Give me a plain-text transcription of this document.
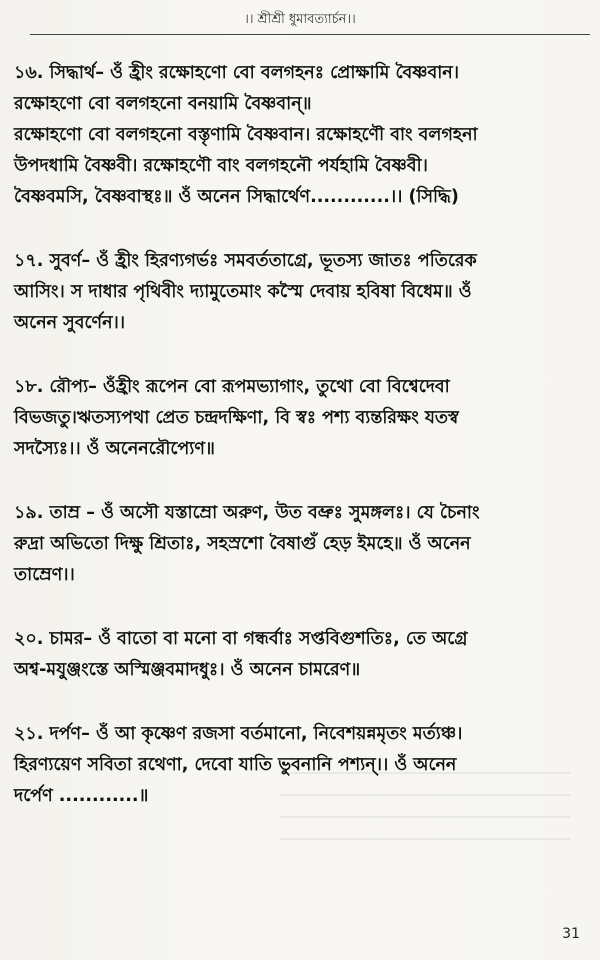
।। শ্রীশ্রী ধুমাবত্যার্চন।।
১৬. সিদ্ধার্থ– ওঁ হ্রীং রক্ষোহণো বো বলগহনঃ প্রোক্ষামি বৈষ্ণবান।
রক্ষোহণো বো বলগহনো বনয়ামি বৈষ্ণবান্॥
রক্ষোহণো বো বলগহনো বস্তৃণামি বৈষ্ণবান। রক্ষোহণৌ বাং বলগহনা
উপদধামি বৈষ্ণবী। রক্ষোহণৌ বাং বলগহনৌ পর্যহামি বৈষ্ণবী।
বৈষ্ণবমসি, বৈষ্ণবাস্থঃ॥ ওঁ অনেন সিদ্ধার্থেণ............।। (সিদ্ধি)
১৭. সুবর্ণ– ওঁ হ্রীং হিরণ্যগর্ভঃ সমবর্ততাগ্রে, ভূতস্য জাতঃ পতিরেক
আসিং। স দাধার পৃথিবীং দ্যামুতেমাং কস্মৈ দেবায় হবিষা বিধেম॥ ওঁ
অনেন সুবর্ণেন।।
১৮. রৌপ্য– ওঁহ্রীং রূপেন বো রূপমভ্যাগাং, তুথো বো বিশ্বেদেবা
বিভজতু।ঋতস্যপথা প্রেত চন্দ্রদক্ষিণা, বি স্বঃ পশ্য ব্যন্তরিক্ষং যতস্ব
সদস্যৈঃ।। ওঁ অনেনরৌপ্যেণ॥
১৯. তাম্র – ওঁ অসৌ যস্তাম্রো অরুণ, উত বভ্রুঃ সুমঙ্গলঃ। যে চৈনাং
রুদ্রা অভিতো দিক্ষু শ্রিতাঃ, সহস্রশো বৈষাগুঁ হেড় ইমহে॥ ওঁ অনেন
তাম্রেণ।।
২০. চামর– ওঁ বাতো বা মনো বা গন্ধর্বাঃ সপ্তবিগুশতিঃ, তে অগ্রে
অশ্ব-মযুঞ্জংস্তে অস্মিঞ্জবমাদধুঃ। ওঁ অনেন চামরেণ॥
২১. দর্পণ– ওঁ আ কৃষ্ণেণ রজসা বর্তমানো, নিবেশয়ন্নমৃতং মর্ত্যঞ্চ।
হিরণ্যয়েণ সবিতা রথেণা, দেবো যাতি ভুবনানি পশ্যন্।। ওঁ অনেন
দর্পেণ ............॥
31
